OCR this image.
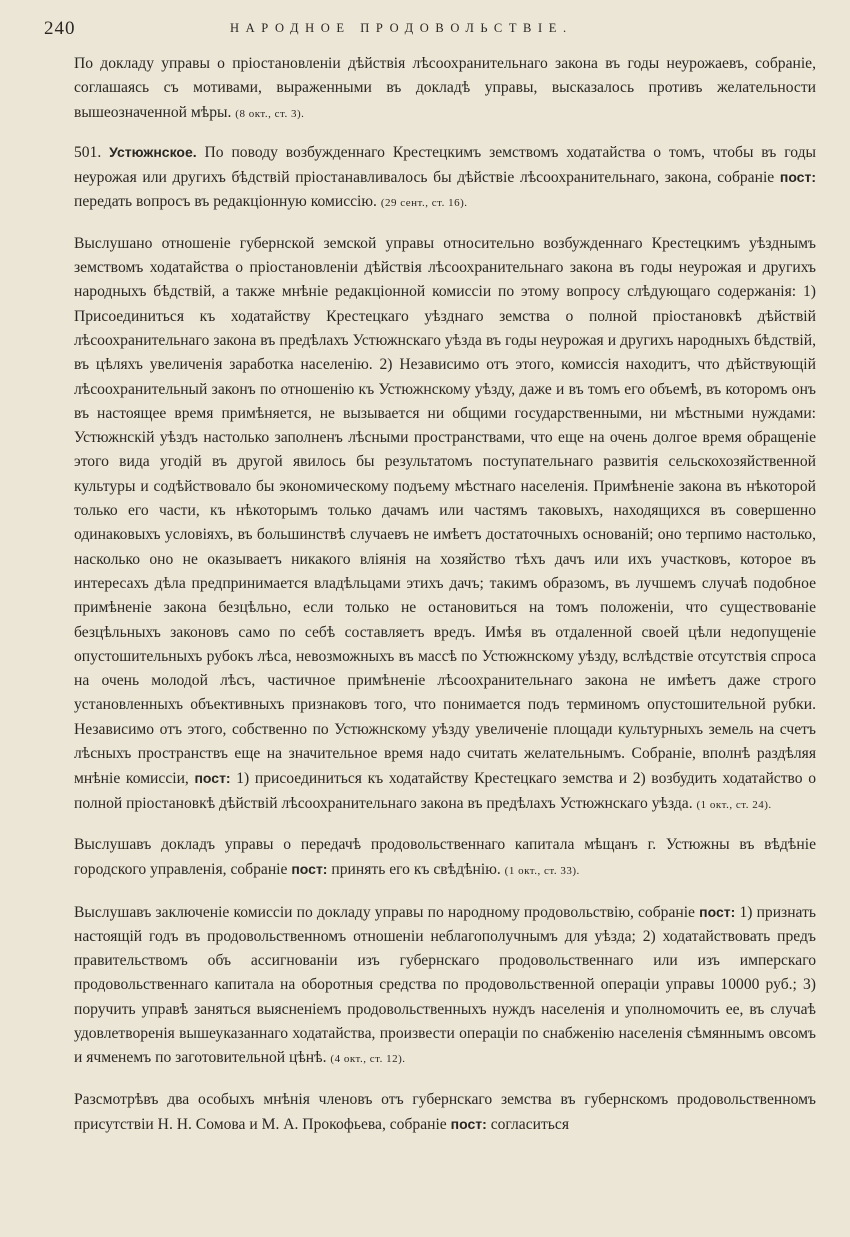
240	НАРОДНОЕ ПРОДОВОЛЬСТВIЕ.

По докладу управы о прiостановленiи дѣйствiя лѣсоохранительнаго закона въ годы неурожаевъ, собранiе, соглашаясь съ мотивами, выраженными въ докладѣ управы, высказалось противъ желательности вышеозначенной мѣры. (8 окт., ст. 3).

501. Устюжнское. По поводу возбужденнаго Крестецкимъ земствомъ ходатайства о томъ, чтобы въ годы неурожая или другихъ бѣдствiй прiостанавливалось бы дѣйствiе лѣсоохранительнаго, закона, собранiе пост: передать вопросъ въ редакцiонную комиссiю. (29 сент., ст. 16).

Выслушано отношенiе губернской земской управы относительно возбужденнаго Крестецкимъ уѣзднымъ земствомъ ходатайства о прiостановленiи дѣйствiя лѣсоохранительнаго закона въ годы неурожая и другихъ народныхъ бѣдствiй, а также мнѣнiе редакцiонной комиссiи по этому вопросу слѣдующаго содержанiя: 1) Присоединиться къ ходатайству Крестецкаго уѣзднаго земства о полной прiостановкѣ дѣйствiй лѣсоохранительнаго закона въ предѣлахъ Устюжнскаго уѣзда въ годы неурожая и другихъ народныхъ бѣдствiй, въ цѣляхъ увеличенiя заработка населенiю. 2) Независимо отъ этого, комиссiя находитъ, что дѣйствующiй лѣсоохранительный законъ по отношенiю къ Устюжнскому уѣзду, даже и въ томъ его объемѣ, въ которомъ онъ въ настоящее время примѣняется, не вызывается ни общими государственными, ни мѣстными нуждами: Устюжнскiй уѣздъ настолько заполненъ лѣсными пространствами, что еще на очень долгое время обращенiе этого вида угодiй въ другой явилось бы результатомъ поступательнаго развитiя сельскохозяйственной культуры и содѣйствовало бы экономическому подъему мѣстнаго населенiя. Примѣненiе закона въ нѣкоторой только его части, къ нѣкоторымъ только дачамъ или частямъ таковыхъ, находящихся въ совершенно одинаковыхъ условiяхъ, въ большинствѣ случаевъ не имѣетъ достаточныхъ основанiй; оно терпимо настолько, насколько оно не оказываетъ никакого влiянiя на хозяйство тѣхъ дачъ или ихъ участковъ, которое въ интересахъ дѣла предпринимается владѣльцами этихъ дачъ; такимъ образомъ, въ лучшемъ случаѣ подобное примѣненiе закона безцѣльно, если только не остановиться на томъ положенiи, что существованiе безцѣльныхъ законовъ само по себѣ составляетъ вредъ. Имѣя въ отдаленной своей цѣли недопущенiе опустошительныхъ рубокъ лѣса, невозможныхъ въ массѣ по Устюжнскому уѣзду, вслѣдствiе отсутствiя спроса на очень молодой лѣсъ, частичное примѣненiе лѣсоохранительнаго закона не имѣетъ даже строго установленныхъ объективныхъ признаковъ того, что понимается подъ терминомъ опустошительной рубки. Независимо отъ этого, собственно по Устюжнскому уѣзду увеличенiе площади культурныхъ земель на счетъ лѣсныхъ пространствъ еще на значительное время надо считать желательнымъ. Собранiе, вполнѣ раздѣляя мнѣнiе комиссiи, пост: 1) присоединиться къ ходатайству Крестецкаго земства и 2) возбудить ходатайство о полной прiостановкѣ дѣйствiй лѣсоохранительнаго закона въ предѣлахъ Устюжнскаго уѣзда. (1 окт., ст. 24).

Выслушавъ докладъ управы о передачѣ продовольственнаго капитала мѣщанъ г. Устюжны въ вѣдѣнiе городского управленiя, собранiе пост: принять его къ свѣдѣнiю. (1 окт., ст. 33).

Выслушавъ заключенiе комиссiи по докладу управы по народному продовольствiю, собранiе пост: 1) признать настоящiй годъ въ продовольственномъ отношенiи неблагополучнымъ для уѣзда; 2) ходатайствовать предъ правительствомъ объ ассигнованiи изъ губернскаго продовольственнаго или изъ имперскаго продовольственнаго капитала на оборотныя средства по продовольственной операцiи управы 10000 руб.; 3) поручить управѣ заняться выясненiемъ продовольственныхъ нуждъ населенiя и уполномочить ее, въ случаѣ удовлетворенiя вышеуказаннаго ходатайства, произвести операцiи по снабженiю населенiя сѣмяннымъ овсомъ и ячменемъ по заготовительной цѣнѣ. (4 окт., ст. 12).

Разсмотрѣвъ два особыхъ мнѣнiя членовъ отъ губернскаго земства въ губернскомъ продовольственномъ присутствiи Н. Н. Сомова и М. А. Прокофьева, собранiе пост: согласиться
